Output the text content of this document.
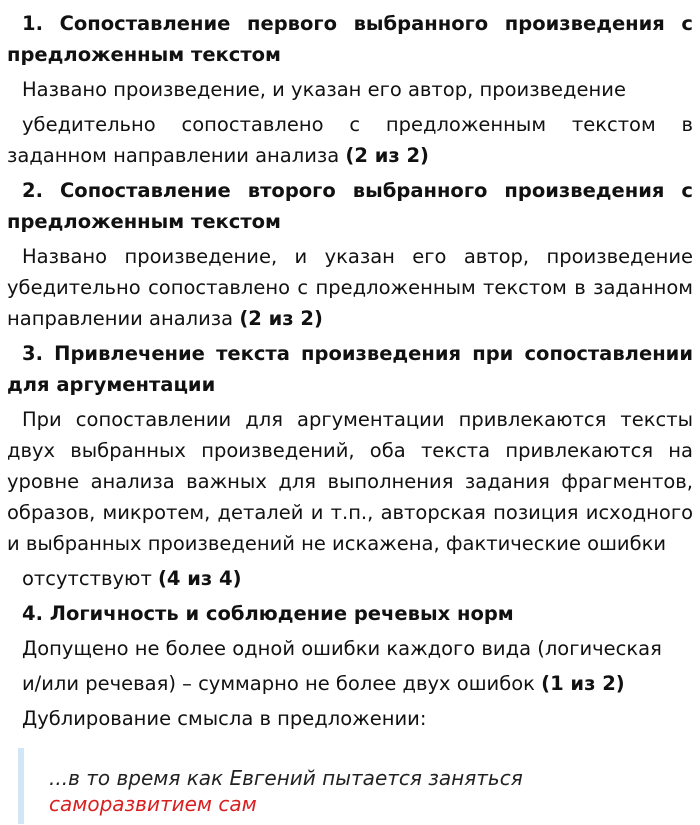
1. Сопоставление первого выбранного произведения с предложенным текстом

Названо произведение, и указан его автор, произведение

убедительно сопоставлено с предложенным текстом в заданном направлении анализа (2 из 2)

2. Сопоставление второго выбранного произведения с предложенным текстом

Названо произведение, и указан его автор, произведение убедительно сопоставлено с предложенным текстом в заданном направлении анализа (2 из 2)

3. Привлечение текста произведения при сопоставлении для аргументации

При сопоставлении для аргументации привлекаются тексты двух выбранных произведений, оба текста привлекаются на уровне анализа важных для выполнения задания фрагментов, образов, микротем, деталей и т.п., авторская позиция исходного и выбранных произведений не искажена, фактические ошибки

отсутствуют (4 из 4)

4. Логичность и соблюдение речевых норм

Допущено не более одной ошибки каждого вида (логическая

и/или речевая) – суммарно не более двух ошибок (1 из 2)

Дублирование смысла в предложении:

...в то время как Евгений пытается заняться
саморазвитием сам
